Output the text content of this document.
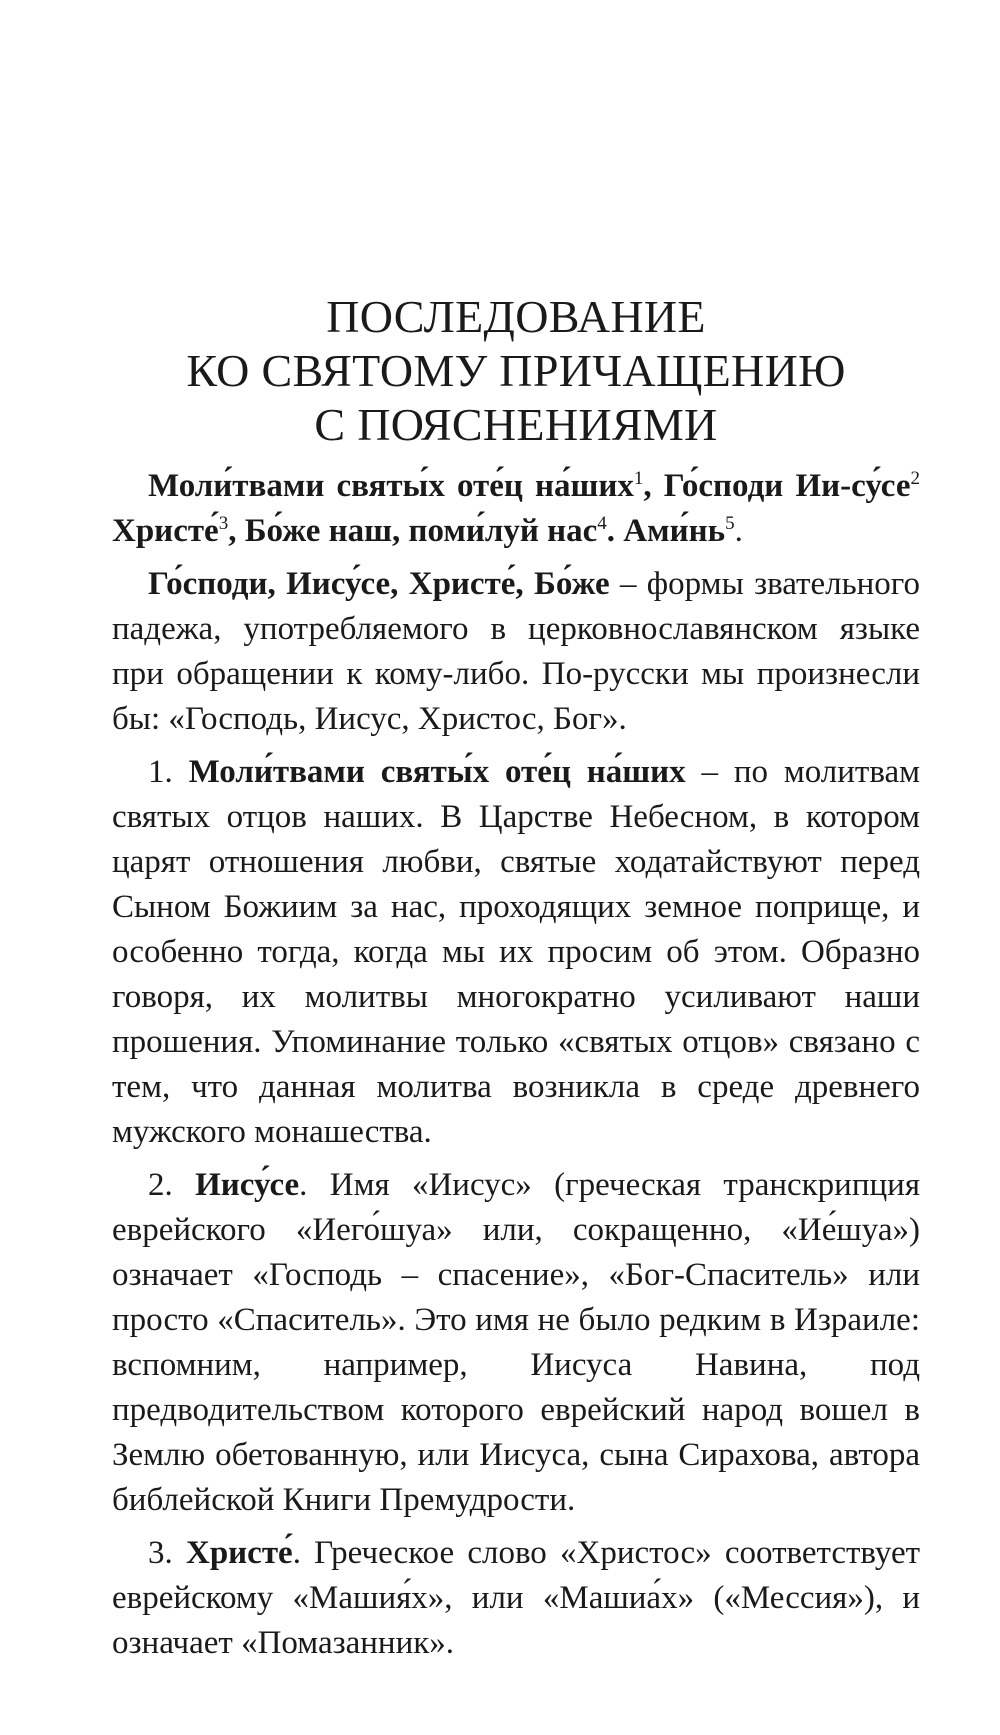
ПОСЛЕДОВАНИЕ
КО СВЯТОМУ ПРИЧАЩЕНИЮ
С ПОЯСНЕНИЯМИ

Моли́твами святы́х оте́ц на́ших$^1$, Го́споди $Ии-су́се^2$ Христе́$^3$, Бо́же наш, поми́луй нас$^4$. $Ами́нь^5$.

Го́споди, Иису́се, Христе́, Бо́же – формы звательного падежа, употребляемого в церковнославянском языке при обращении к кому-либо. По-русски мы произнесли бы: «Господь, Иисус, Христос, Бог».

1. Моли́твами святы́х оте́ц на́ших – по молитвам святых отцов наших. В Царстве Небесном, в котором царят отношения любви, святые ходатайствуют перед Сыном Божиим за нас, проходящих земное поприще, и особенно тогда, когда мы их просим об этом. Образно говоря, их молитвы многократно усиливают наши прошения. Упоминание только «святых отцов» связано с тем, что данная молитва возникла в среде древнего мужского монашества.

2. Иису́се. Имя «Иисус» (греческая транскрипция еврейского «Иего́шуа» или, сокращенно, «Ие́шуа») означает «Господь – спасение», «Бог-Спаситель» или просто «Спаситель». Это имя не было редким в Израиле: вспомним, например, Иисуса Навина, под предводительством которого еврейский народ вошел в Землю обетованную, или Иисуса, сына Сирахова, автора библейской Книги Премудрости.

3. Христе́. Греческое слово «Христос» соответствует еврейскому «Машия́х», или «Машиа́х» («Мессия»), и означает «Помазанник».
